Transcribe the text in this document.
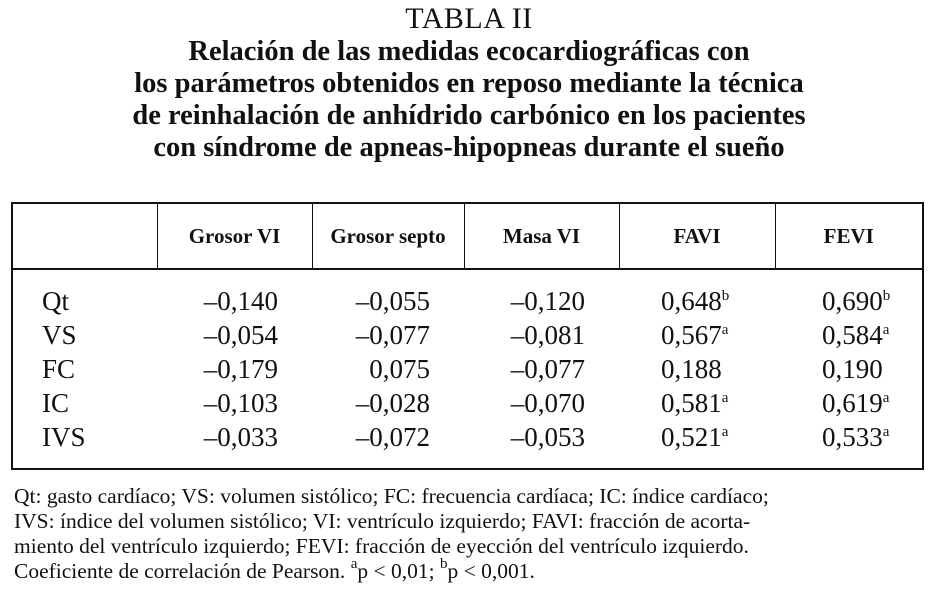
TABLA II
Relación de las medidas ecocardiográficas con
los parámetros obtenidos en reposo mediante la técnica
de reinhalación de anhídrido carbónico en los pacientes
con síndrome de apneas-hipopneas durante el sueño
	Grosor VI	Grosor septo	Masa VI	FAVI	FEVI
Qt	–0,140	–0,055	–0,120	0,648$^b$	0,690$^b$
VS	–0,054	–0,077	–0,081	0,567$^a$	0,584$^a$
FC	–0,179	0,075	–0,077	0,188	0,190
IC	–0,103	–0,028	–0,070	0,581$^a$	0,619$^a$
IVS	–0,033	–0,072	–0,053	0,521$^a$	0,533$^a$
Qt: gasto cardíaco; VS: volumen sistólico; FC: frecuencia cardíaca; IC: índice cardíaco;
IVS: índice del volumen sistólico; VI: ventrículo izquierdo; FAVI: fracción de acorta-
miento del ventrículo izquierdo; FEVI: fracción de eyección del ventrículo izquierdo.
Coeficiente de correlación de Pearson. $^a$p < 0,01; $^b$p < 0,001.
